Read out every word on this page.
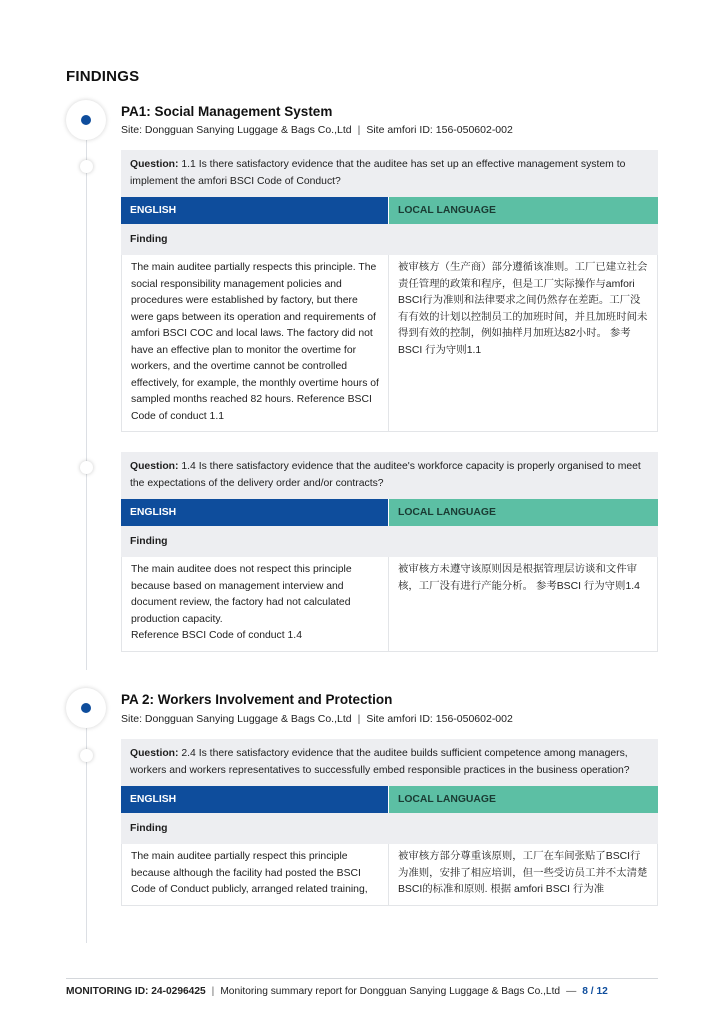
FINDINGS
PA1: Social Management System
Site: Dongguan Sanying Luggage & Bags Co.,Ltd | Site amfori ID: 156-050602-002
Question: 1.1 Is there satisfactory evidence that the auditee has set up an effective management system to implement the amfori BSCI Code of Conduct?
ENGLISH	LOCAL LANGUAGE
Finding
The main auditee partially respects this principle. The social responsibility management policies and procedures were established by factory, but there were gaps between its operation and requirements of amfori BSCI COC and local laws. The factory did not have an effective plan to monitor the overtime for workers, and the overtime cannot be controlled effectively, for example, the monthly overtime hours of sampled months reached 82 hours. Reference BSCI Code of conduct 1.1
被审核方（生产商）部分遵循该准则。工厂已建立社会责任管理的政策和程序，但是工厂实际操作与amfori BSCI行为准则和法律要求之间仍然存在差距。工厂没有有效的计划以控制员工的加班时间，并且加班时间未得到有效的控制，例如抽样月加班达82小时。 参考BSCI 行为守则1.1
Question: 1.4 Is there satisfactory evidence that the auditee's workforce capacity is properly organised to meet the expectations of the delivery order and/or contracts?
ENGLISH	LOCAL LANGUAGE
Finding
The main auditee does not respect this principle because based on management interview and document review, the factory had not calculated production capacity.
Reference BSCI Code of conduct 1.4
被审核方未遵守该原则因是根据管理层访谈和文件审核，工厂没有进行产能分析。 参考BSCI 行为守则1.4
PA 2: Workers Involvement and Protection
Site: Dongguan Sanying Luggage & Bags Co.,Ltd | Site amfori ID: 156-050602-002
Question: 2.4 Is there satisfactory evidence that the auditee builds sufficient competence among managers, workers and workers representatives to successfully embed responsible practices in the business operation?
ENGLISH	LOCAL LANGUAGE
Finding
The main auditee partially respect this principle because although the facility had posted the BSCI Code of Conduct publicly, arranged related training,
被审核方部分尊重该原则，工厂在车间张贴了BSCI行为准则，安排了相应培训，但一些受访员工并不太清楚BSCI的标准和原则. 根据 amfori BSCI 行为准
MONITORING ID: 24-0296425 | Monitoring summary report for Dongguan Sanying Luggage & Bags Co.,Ltd — 8 / 12
